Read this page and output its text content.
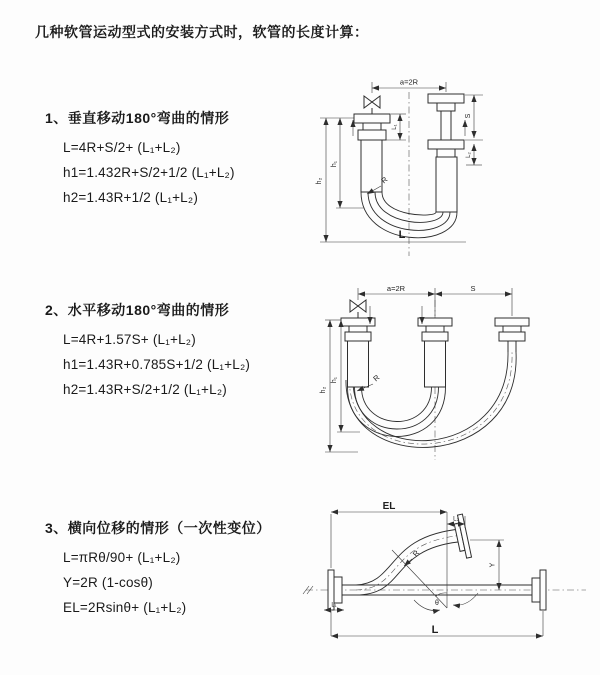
几种软管运动型式的安装方式时，软管的长度计算：
1、垂直移动180°弯曲的情形
L=4R+S/2+ (L₁+L₂)
h1=1.432R+S/2+1/2 (L₁+L₂)
h2=1.43R+1/2 (L₁+L₂)
a=2R
h₂
h₁
L₁
S
L₂
R
L
2、水平移动180°弯曲的情形
L=4R+1.57S+ (L₁+L₂)
h1=1.43R+0.785S+1/2 (L₁+L₂)
h2=1.43R+S/2+1/2 (L₁+L₂)
a=2R	S
h₂
h₁	R
3、横向位移的情形（一次性变位）
L=πRθ/90+ (L₁+L₂)
Y=2R (1-cosθ)
EL=2Rsinθ+ (L₁+L₂)
EL
L₂
Y
R
θ
L₁
L
